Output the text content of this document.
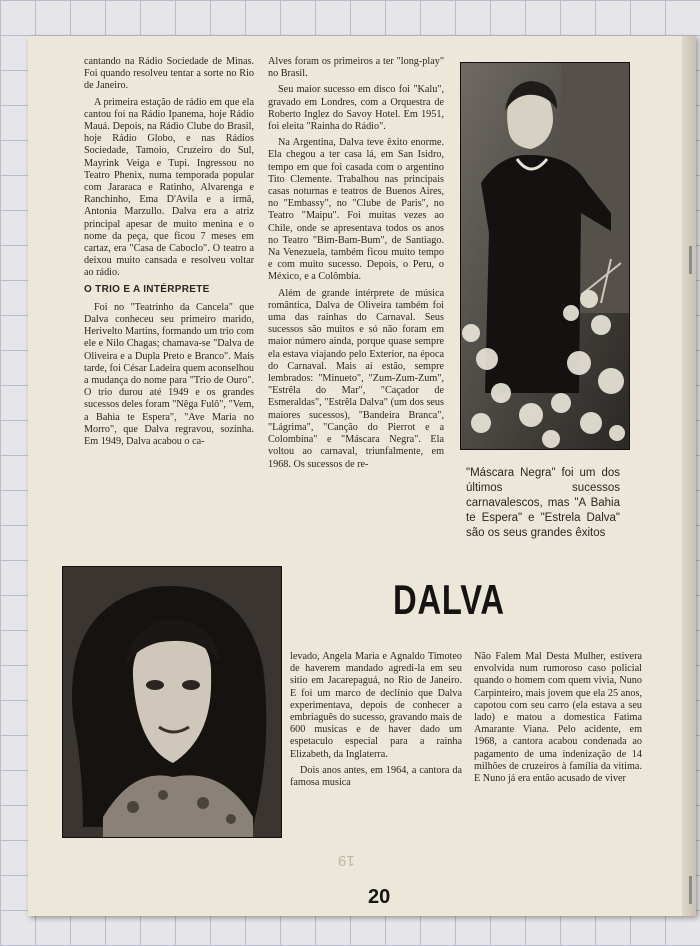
cantando na Rádio Sociedade de Minas. Foi quando resolveu tentar a sorte no Rio de Janeiro.

A primeira estação de rádio em que ela cantou foi na Rádio Ipanema, hoje Rádio Mauá. Depois, na Rádio Clube do Brasil, hoje Rádio Globo, e nas Rádios Sociedade, Tamoio, Cruzeiro do Sul, Mayrink Veiga e Tupi. Ingressou no Teatro Phenix, numa temporada popular com Jararaca e Ratinho, Alvarenga e Ranchinho, Ema D'Avila e a irmã, Antonia Marzullo. Dalva era a atriz principal apesar de muito menina e o nome da peça, que ficou 7 meses em cartaz, era "Casa de Caboclo". O teatro a deixou muito cansada e resolveu voltar ao rádio.

O TRIO E A INTÉRPRETE

Foi no "Teatrinho da Cancela" que Dalva conheceu seu primeiro marido, Herivelto Martins, formando um trio com ele e Nilo Chagas; chamava-se "Dalva de Oliveira e a Dupla Preto e Branco". Mais tarde, foi César Ladeira quem aconselhou a mudança do nome para "Trio de Ouro". O trio durou até 1949 e os grandes sucessos deles foram "Nêga Fulô", "Vem, a Bahia te Espera", "Ave Maria no Morro", que Dalva regravou, sozinha. Em 1949, Dalva acabou o ca-

Alves foram os primeiros a ter "long-play" no Brasil.

Seu maior sucesso em disco foi "Kalu", gravado em Londres, com a Orquestra de Roberto Inglez do Savoy Hotel. Em 1951, foi eleita "Rainha do Rádio".

Na Argentina, Dalva teve êxito enorme. Ela chegou a ter casa lá, em San Isidro, tempo em que foi casada com o argentino Tito Clemente. Trabalhou nas principais casas noturnas e teatros de Buenos Aires, no "Embassy", no "Clube de Paris", no Teatro "Maipu". Foi muitas vezes ao Chile, onde se apresentava todos os anos no Teatro "Bim-Bam-Bum", de Santiago. Na Venezuela, também ficou muito tempo e com muito sucesso. Depois, o Peru, o México, e a Colômbia.

Além de grande intérprete de música romântica, Dalva de Oliveira também foi uma das rainhas do Carnaval. Seus sucessos são muitos e só não foram em maior número ainda, porque quase sempre ela estava viajando pelo Exterior, na época do Carnaval. Mais aí estão, sempre lembrados: "Minueto", "Zum-Zum-Zum", "Estrêla do Mar", "Caçador de Esmeraldas", "Estrêla Dalva" (um dos seus maiores sucessos), "Bandeira Branca", "Lágrima", "Canção do Pierrot e a Colombina" e "Máscara Negra". Ela voltou ao carnaval, triunfalmente, em 1968. Os sucessos de re-

"Máscara Negra" foi um dos últimos sucessos carnavalescos, mas "A Bahia te Espera" e "Estrela Dalva" são os seus grandes êxitos
DALVA

levado, Angela Maria e Agnaldo Timoteo de haverem mandado agredi-la em seu sitio em Jacarepaguá, no Rio de Janeiro. E foi um marco de declínio que Dalva experimentava, depois de conhecer a embriaguês do sucesso, gravando mais de 600 musicas e de haver dado um espetaculo especial para a rainha Elizabeth, da Inglaterra.

Dois anos antes, em 1964, a cantora da famosa musica

Não Falem Mal Desta Mulher, estivera envolvida num rumoroso caso policial quando o homem com quem vivia, Nuno Carpinteiro, mais jovem que ela 25 anos, capotou com seu carro (ela estava a seu lado) e matou a domestica Fatima Amarante Viana. Pelo acidente, em 1968, a cantora acabou condenada ao pagamento de uma indenização de 14 milhões de cruzeiros à família da vitima. E Nuno já era então acusado de viver

19
20
